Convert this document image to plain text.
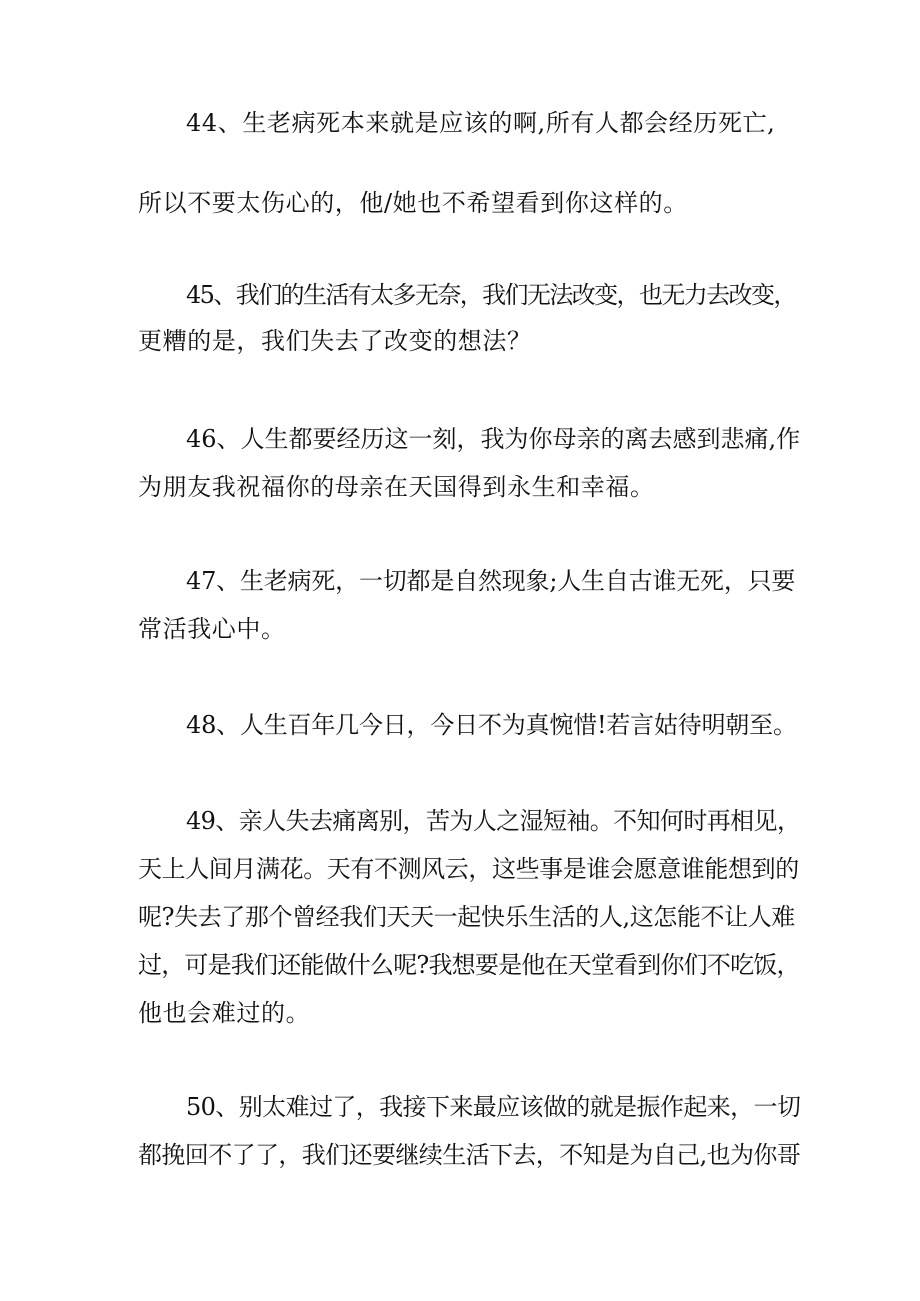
44、生老病死本来就是应该的啊,所有人都会经历死亡,
所以不要太伤心的，他/她也不希望看到你这样的。
45、我们的生活有太多无奈，我们无法改变，也无力去改变，
更糟的是，我们失去了改变的想法？
46、人生都要经历这一刻，我为你母亲的离去感到悲痛,作
为朋友我祝福你的母亲在天国得到永生和幸福。
47、生老病死，一切都是自然现象;人生自古谁无死，只要
常活我心中。
48、人生百年几今日，今日不为真惋惜!若言姑待明朝至。
49、亲人失去痛离别，苦为人之湿短袖。不知何时再相见，
天上人间月满花。天有不测风云，这些事是谁会愿意谁能想到的
呢?失去了那个曾经我们天天一起快乐生活的人,这怎能不让人难
过，可是我们还能做什么呢?我想要是他在天堂看到你们不吃饭，
他也会难过的。
50、别太难过了，我接下来最应该做的就是振作起来，一切
都挽回不了了，我们还要继续生活下去，不知是为自己,也为你哥
